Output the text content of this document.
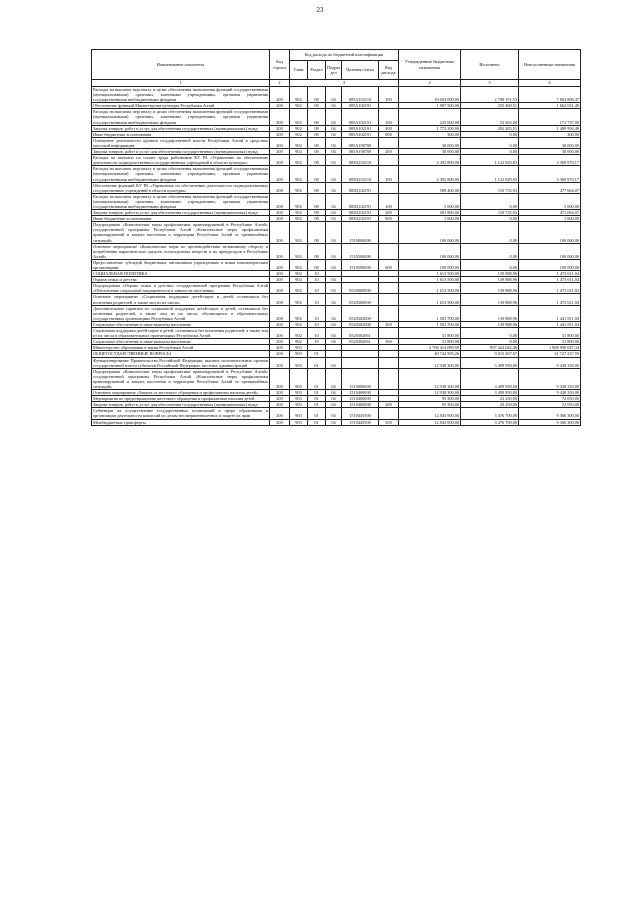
23
Наименование показателя	Код строки	Код расхода по бюджетной классификации					Утвержденные бюджетные назначения	Исполнено	Неисполненные назначения
		Глава	Раздел	Подраз дел	Целевая статья	Вид расхода			
1	2	3					4	5	6
Расходы на выплаты персоналу в целях обеспечения выполнения функций государственными (муниципальными) органами, казенными учреждениями, органами управления государственными внебюджетными фондами	200	902	08	04	085А102110	100	10 603 000,00	2 798 191,53	7 804 808,47
Обеспечение функций Министерства культуры Республики Алтай	200	902	08	04	085А102191		1 997 500,00	335 468,51	1 662 031,49
Расходы на выплаты персоналу в целях обеспечения выполнения функций государственными (муниципальными) органами, казенными учреждениями, органами управления государственными внебюджетными фондами	200	902	08	04	085А102191	100	225 000,00	53 263,00	171 737,00
Закупка товаров, работ и услуг для обеспечения государственных (муниципальных) нужд	200	902	08	04	085А102191	200	1 772 200,00	282 205,51	1 489 994,49
Иные бюджетные ассигнования	200	902	08	04	085А102191	800	300,00	0,00	300,00
Освещение деятельности органов государственной власти Республики Алтай в средствах массовой информации	200	902	08	04	085А198700		30 000,00	0,00	30 000,00
Закупка товаров, работ и услуг для обеспечения государственных (муниципальных) нужд	200	902	08	04	085А198700	200	30 000,00	0,00	30 000,00
Расходы на выплаты по оплате труда работников КУ РА «Управление по обеспечению деятельности подведомственных государственных учреждений в области культуры»	200	902	08	04	085Ц102110		4 492 800,00	1 122 829,83	3 369 970,17
Расходы на выплаты персоналу в целях обеспечения выполнения функций государственными (муниципальными) органами, казенными учреждениями, органами управления государственными внебюджетными фондами	200	902	08	04	085Ц102110	100	4 492 800,00	1 122 829,83	3 369 970,17
Обеспечение функций КУ РА «Управление по обеспечению деятельности подведомственных государственных учреждений в области культуры»	200	902	08	04	085Ц102191		588 400,00	110 735,93	477 664,07
Расходы на выплаты персоналу в целях обеспечения выполнения функций государственными (муниципальными) органами, казенными учреждениями, органами управления государственными внебюджетными фондами	200	902	08	04	085Ц102191	100	5 000,00	0,00	5 000,00
Закупка товаров, работ и услуг для обеспечения государственных (муниципальных) нужд	200	902	08	04	085Ц102191	200	581 800,00	110 735,93	471 064,07
Иные бюджетные ассигнования	200	902	08	04	085Ц102191	800	1 600,00	0,00	1 600,00
Подпрограмма «Комплексные меры профилактики правонарушений в Республике Алтай» государственной программы Республики Алтай «Комплексные меры профилактики правонарушений и защита населения и территории Республики Алтай от чрезвычайных ситуаций»	200	902	08	04	1510000000		100 000,00	0,00	100 000,00
Основное мероприятие «Комплексные меры по противодействию незаконному обороту и потреблению наркотических средств, психотропных веществ и их прекурсоров в Республике Алтай»	200	902	08	04	1510500000		100 000,00	0,00	100 000,00
Предоставление субсидий бюджетным, автономным учреждениям и иным некоммерческим организациям	200	902	08	04	1510500000	600	100 000,00	0,00	100 000,00
СОЦИАЛЬНАЯ ПОЛИТИКА	200	902	10				1 613 500,00	139 888,96	1 473 611,04
Охрана семьи и детства	200	902	10	04			1 613 500,00	139 888,96	1 473 611,04
Подпрограмма «Охрана семьи и детства» государственной программы Республики Алтай «Обеспечение социальной защищенности и занятости населения»	200	902	10	04	0520000000		1 613 500,00	139 888,96	1 473 611,04
Основное мероприятие «Социальная поддержка детей-сирот и детей, оставшихся без попечения родителей, а также лиц из их числа»	200	902	10	04	0520300000		1 613 500,00	139 888,96	1 473 611,04
Дополнительные гарантии по социальной поддержке детей-сирот и детей, оставшихся без попечения родителей, а также лиц из их числа, обучающихся в образовательных государственных организациях Республики Алтай	200	902	10	04	0520302000		1 581 700,00	139 888,96	1 441 811,04
Социальное обеспечение и иные выплаты населению	200	902	10	04	0520302000	300	1 581 700,00	139 888,96	1 441 811,04
Социальная поддержка детей-сирот и детей, оставшихся без попечения родителей, а также лиц из их числа в образовательных организациях Республики Алтай	200	902	10	04	0520302061		31 800,00	0,00	31 800,00
Социальное обеспечение и иные выплаты населению	200	902	10	04	0520302061	300	31 800,00	0,00	31 800,00
Министерство образования и науки Республики Алтай	200	903					2 706 414 089,50	897 424 042,46	1 808 990 047,34
ОБЩЕГОСУДАРСТВЕННЫЕ ВОПРОСЫ	200	903	01				40 742 505,26	9 015 267,67	31 727 237,59
Функционирование Правительства Российской Федерации, высших исполнительных органов государственной власти субъектов Российской Федерации, местных администраций	200	903	01	04			12 938 300,00	3 499 950,00	9 438 350,00
Подпрограмма «Комплексные меры профилактики правонарушений в Республике Алтай» государственной программы Республики Алтай «Комплексные меры профилактики правонарушений и защита населения и территории Республики Алтай от чрезвычайных ситуаций»	200	903	01	04	1510000000		12 938 300,00	3 499 950,00	9 438 350,00
Основное мероприятие «Защита от жестокого обращения и профилактика насилия детей»	200	903	01	04	1510400000		12 938 300,00	3 499 950,00	9 438 350,00
Мероприятия по предотвращению жестокого обращения и профилактике насилия детей	200	903	01	04	1510400000		95 300,00	23 250,00	72 050,00
Закупка товаров, работ и услуг для обеспечения государственных (муниципальных) нужд	200	903	01	04	1510400000	200	95 300,00	23 250,00	72 050,00
Субвенции на осуществление государственных полномочий в сфере образования и организации деятельности комиссий по делам несовершеннолетних и защите их прав	200	903	01	04	1510445500		12 843 000,00	3 476 700,00	9 366 300,00
Межбюджетные трансферты	200	903	01	04	1510445500	500	12 843 000,00	3 476 700,00	9 366 300,00
